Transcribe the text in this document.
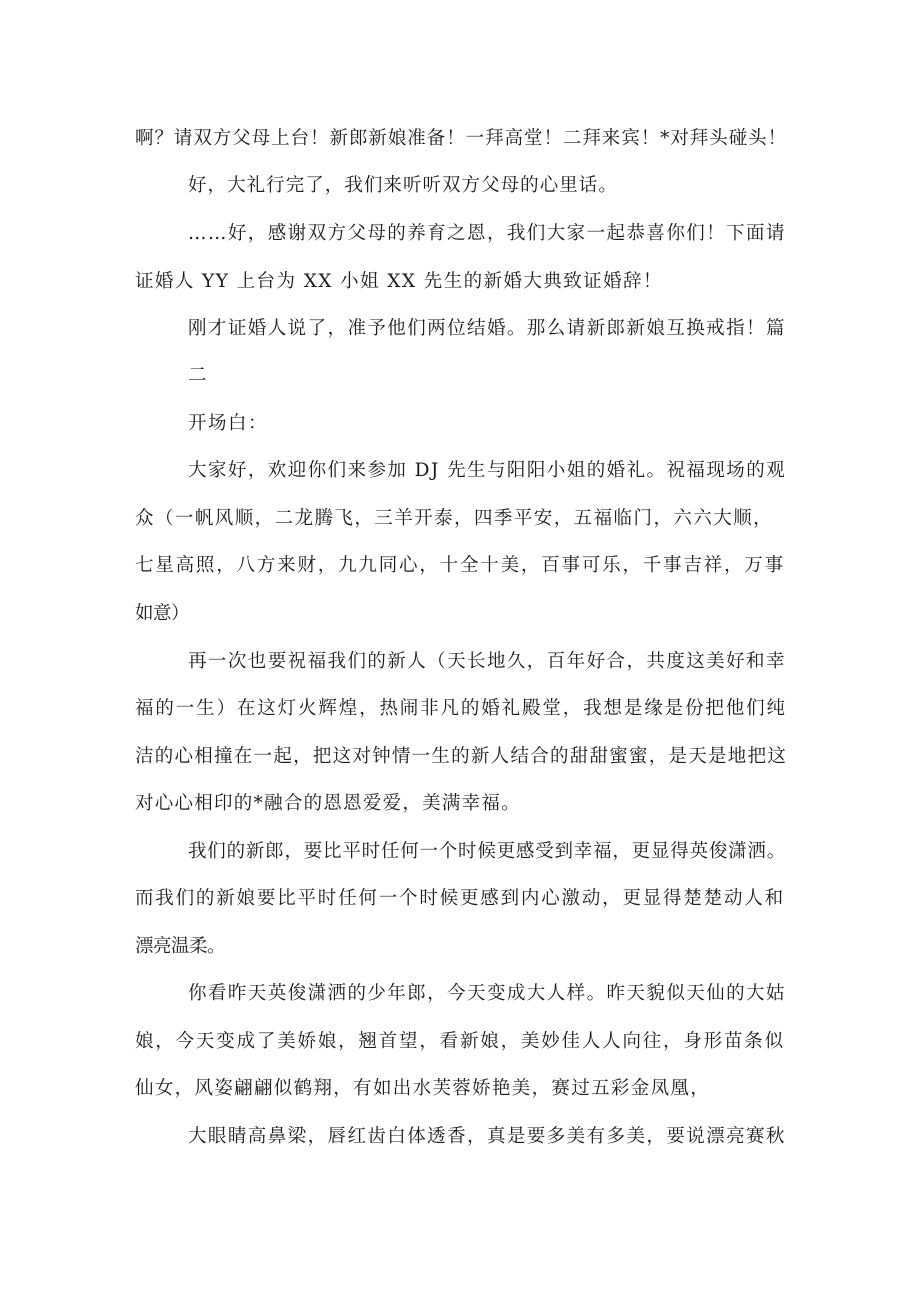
啊？请双方父母上台！新郎新娘准备！一拜高堂！二拜来宾！*对拜头碰头！
好，大礼行完了，我们来听听双方父母的心里话。
……好，感谢双方父母的养育之恩，我们大家一起恭喜你们！下面请
证婚人 YY 上台为 XX 小姐 XX 先生的新婚大典致证婚辞！
刚才证婚人说了，准予他们两位结婚。那么请新郎新娘互换戒指！篇
二
开场白：
大家好，欢迎你们来参加 DJ 先生与阳阳小姐的婚礼。祝福现场的观
众（一帆风顺，二龙腾飞，三羊开泰，四季平安，五福临门，六六大顺，
七星高照，八方来财，九九同心，十全十美，百事可乐，千事吉祥，万事
如意）
再一次也要祝福我们的新人（天长地久，百年好合，共度这美好和幸
福的一生）在这灯火辉煌，热闹非凡的婚礼殿堂，我想是缘是份把他们纯
洁的心相撞在一起，把这对钟情一生的新人结合的甜甜蜜蜜，是天是地把这
对心心相印的*融合的恩恩爱爱，美满幸福。
我们的新郎，要比平时任何一个时候更感受到幸福，更显得英俊潇洒。
而我们的新娘要比平时任何一个时候更感到内心激动，更显得楚楚动人和
漂亮温柔。
你看昨天英俊潇洒的少年郎，今天变成大人样。昨天貌似天仙的大姑
娘，今天变成了美娇娘，翘首望，看新娘，美妙佳人人向往，身形苗条似
仙女，风姿翩翩似鹤翔，有如出水芙蓉娇艳美，赛过五彩金凤凰，
大眼睛高鼻梁，唇红齿白体透香，真是要多美有多美，要说漂亮赛秋
